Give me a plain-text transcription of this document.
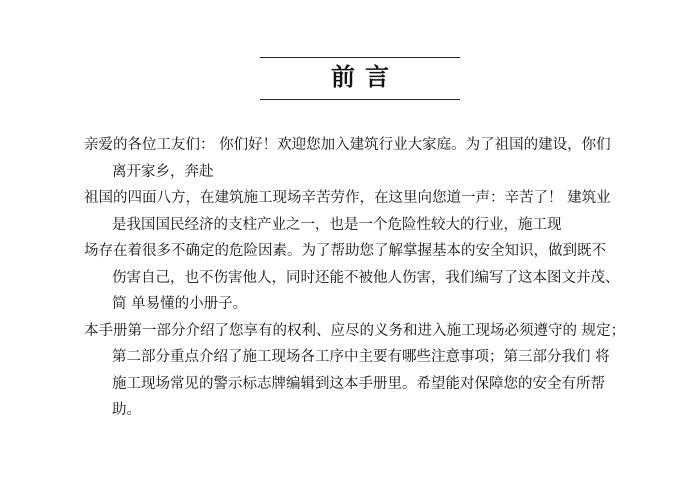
前言
亲爱的各位工友们： 你们好！欢迎您加入建筑行业大家庭。为了祖国的建设，你们
离开家乡，奔赴
祖国的四面八方，在建筑施工现场辛苦劳作，在这里向您道一声：辛苦了！ 建筑业
是我国国民经济的支柱产业之一，也是一个危险性较大的行业，施工现
场存在着很多不确定的危险因素。为了帮助您了解掌握基本的安全知识，做到既不
伤害自己，也不伤害他人，同时还能不被他人伤害，我们编写了这本图文并茂、
简 单易懂的小册子。
本手册第一部分介绍了您享有的权利、应尽的义务和进入施工现场必须遵守的 规定；
第二部分重点介绍了施工现场各工序中主要有哪些注意事项；第三部分我们 将
施工现场常见的警示标志牌编辑到这本手册里。希望能对保障您的安全有所帮
助。
